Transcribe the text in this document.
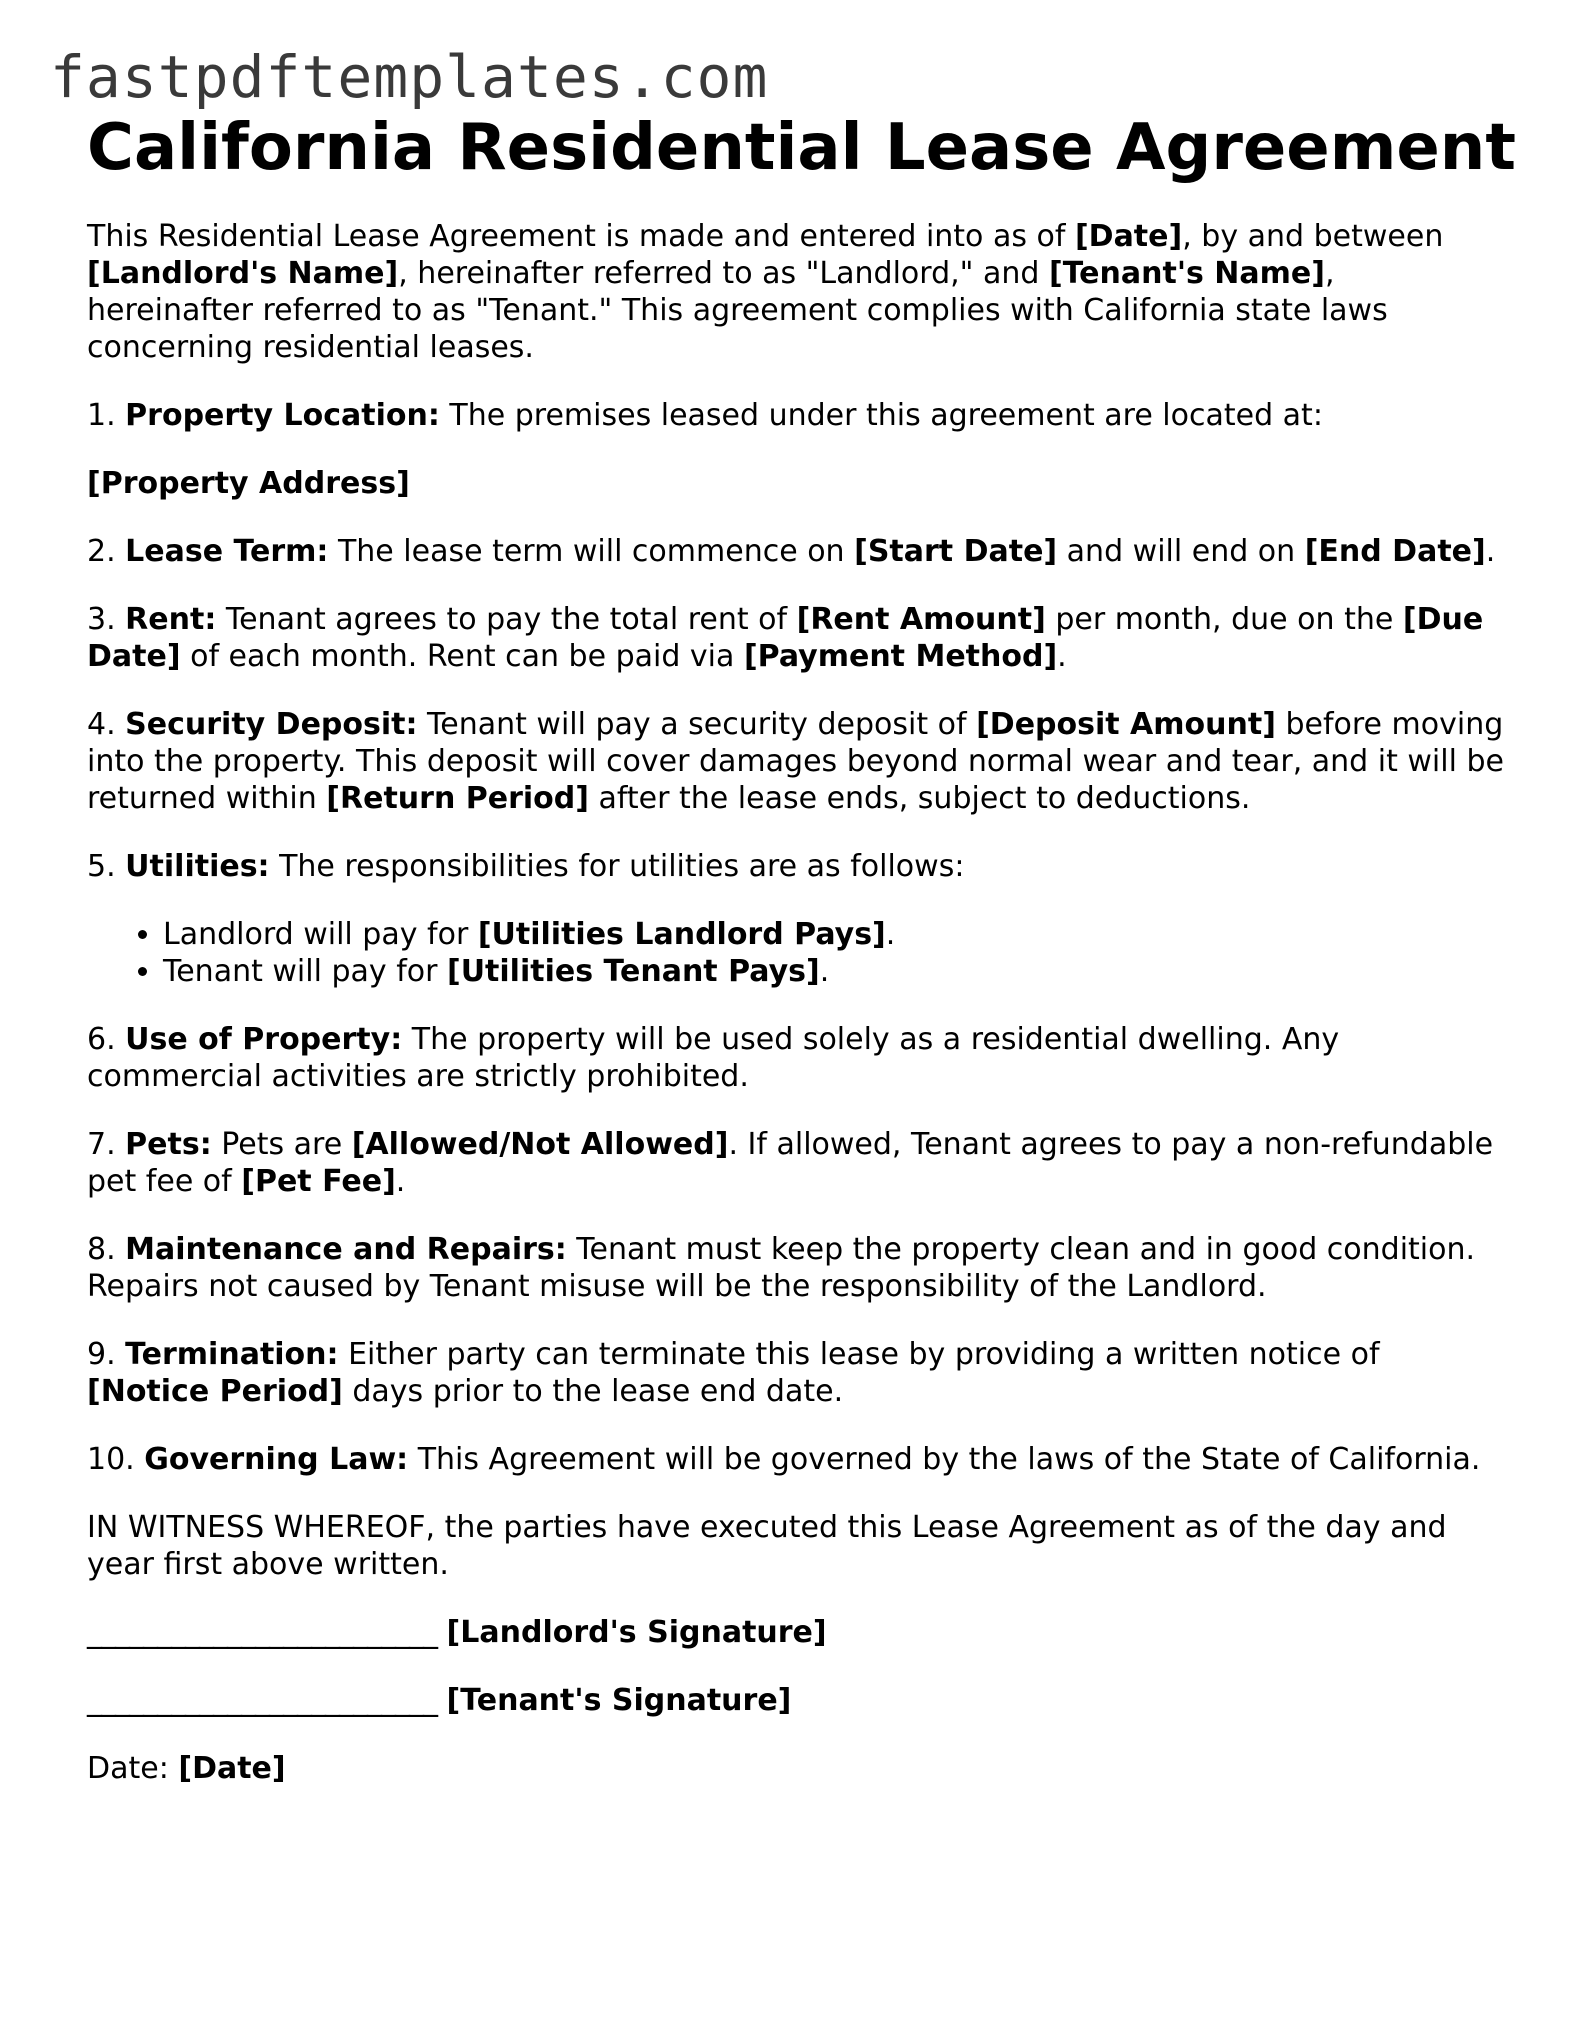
fastpdftemplates.com
California Residential Lease Agreement

This Residential Lease Agreement is made and entered into as of [Date], by and between [Landlord's Name], hereinafter referred to as "Landlord," and [Tenant's Name], hereinafter referred to as "Tenant." This agreement complies with California state laws concerning residential leases.

1. Property Location: The premises leased under this agreement are located at:

[Property Address]

2. Lease Term: The lease term will commence on [Start Date] and will end on [End Date].

3. Rent: Tenant agrees to pay the total rent of [Rent Amount] per month, due on the [Due Date] of each month. Rent can be paid via [Payment Method].

4. Security Deposit: Tenant will pay a security deposit of [Deposit Amount] before moving into the property. This deposit will cover damages beyond normal wear and tear, and it will be returned within [Return Period] after the lease ends, subject to deductions.

5. Utilities: The responsibilities for utilities are as follows:

• Landlord will pay for [Utilities Landlord Pays].
• Tenant will pay for [Utilities Tenant Pays].

6. Use of Property: The property will be used solely as a residential dwelling. Any commercial activities are strictly prohibited.

7. Pets: Pets are [Allowed/Not Allowed]. If allowed, Tenant agrees to pay a non-refundable pet fee of [Pet Fee].

8. Maintenance and Repairs: Tenant must keep the property clean and in good condition. Repairs not caused by Tenant misuse will be the responsibility of the Landlord.

9. Termination: Either party can terminate this lease by providing a written notice of [Notice Period] days prior to the lease end date.

10. Governing Law: This Agreement will be governed by the laws of the State of California.

IN WITNESS WHEREOF, the parties have executed this Lease Agreement as of the day and year first above written.

_________________________ [Landlord's Signature]

_________________________ [Tenant's Signature]

Date: [Date]
